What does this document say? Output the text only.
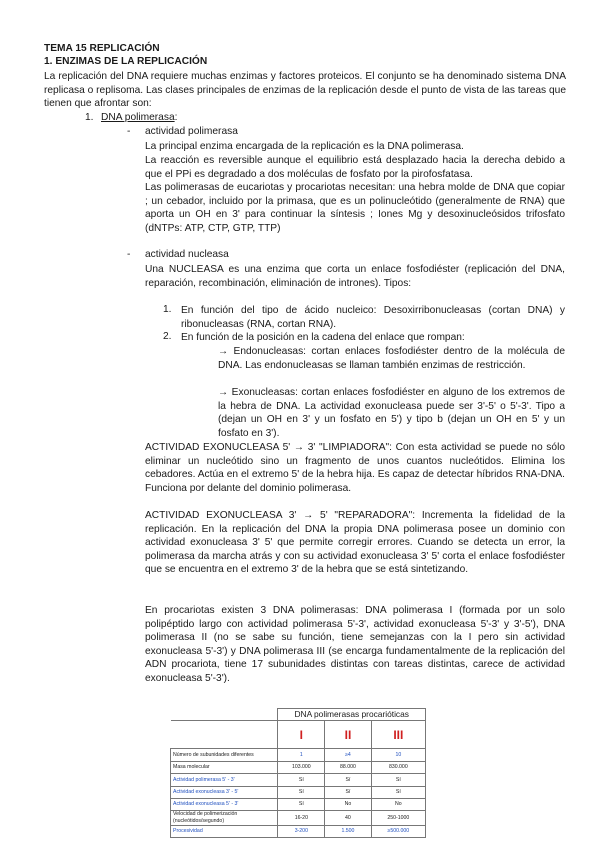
TEMA 15 REPLICACIÓN
1. ENZIMAS DE LA REPLICACIÓN
La replicación del DNA requiere muchas enzimas y factores proteicos. El conjunto se ha denominado sistema DNA replicasa o replisoma. Las clases principales de enzimas de la replicación desde el punto de vista de las tareas que tienen que afrontar son:
1. DNA polimerasa:
- actividad polimerasa
La principal enzima encargada de la replicación es la DNA polimerasa.
La reacción es reversible aunque el equilibrio está desplazado hacia la derecha debido a que el PPi es degradado a dos moléculas de fosfato por la pirofosfatasa.
Las polimerasas de eucariotas y procariotas necesitan: una hebra molde de DNA que copiar ; un cebador, incluido por la primasa, que es un polinucleótido (generalmente de RNA) que aporta un OH en 3' para continuar la síntesis ; Iones Mg y desoxinucleósidos trifosfato (dNTPs: ATP, CTP, GTP, TTP)
- actividad nucleasa
Una NUCLEASA es una enzima que corta un enlace fosfodiéster (replicación del DNA, reparación, recombinación, eliminación de intrones). Tipos:
1. En función del tipo de ácido nucleico: Desoxirribonucleasas (cortan DNA) y ribonucleasas (RNA, cortan RNA).
2. En función de la posición en la cadena del enlace que rompan:
→ Endonucleasas: cortan enlaces fosfodiéster dentro de la molécula de DNA. Las endonucleasas se llaman también enzimas de restricción.
→ Exonucleasas: cortan enlaces fosfodiéster en alguno de los extremos de la hebra de DNA. La actividad exonucleasa puede ser 3'-5' o 5'-3'. Tipo a (dejan un OH en 3' y un fosfato en 5') y tipo b (dejan un OH en 5' y un fosfato en 3').
ACTIVIDAD EXONUCLEASA 5' → 3' "LIMPIADORA": Con esta actividad se puede no sólo eliminar un nucleótido sino un fragmento de unos cuantos nucleótidos. Elimina los cebadores. Actúa en el extremo 5' de la hebra hija. Es capaz de detectar híbridos RNA-DNA. Funciona por delante del dominio polimerasa.
ACTIVIDAD EXONUCLEASA 3' → 5' "REPARADORA": Incrementa la fidelidad de la replicación. En la replicación del DNA la propia DNA polimerasa posee un dominio con actividad exonucleasa 3' 5' que permite corregir errores. Cuando se detecta un error, la polimerasa da marcha atrás y con su actividad exonucleasa 3' 5' corta el enlace fosfodiéster que se encuentra en el extremo 3' de la hebra que se está sintetizando.
En procariotas existen 3 DNA polimerasas: DNA polimerasa I (formada por un solo polipéptido largo con actividad polimerasa 5'-3', actividad exonucleasa 5'-3' y 3'-5'), DNA polimerasa II (no se sabe su función, tiene semejanzas con la I pero sin actividad exonucleasa 5'-3') y DNA polimerasa III (se encarga fundamentalmente de la replicación del ADN procariota, tiene 17 subunidades distintas con tareas distintas, carece de actividad exonucleasa 5'-3').
	DNA polimerasas procarióticas		
	I	II	III
Número de subunidades diferentes	1	≥4	10
Masa molecular	103.000	88.000	830.000
Actividad polimerasa 5' - 3'	Sí	Sí	Sí
Actividad exonucleasa 3' - 5'	Sí	Sí	Sí
Actividad exonucleasa 5' - 3'	Sí	No	No
Velocidad de polimerización (nucleótidos/segundo)	16-20	40	250-1000
Procesividad	3-200	1.500	≥500.000
